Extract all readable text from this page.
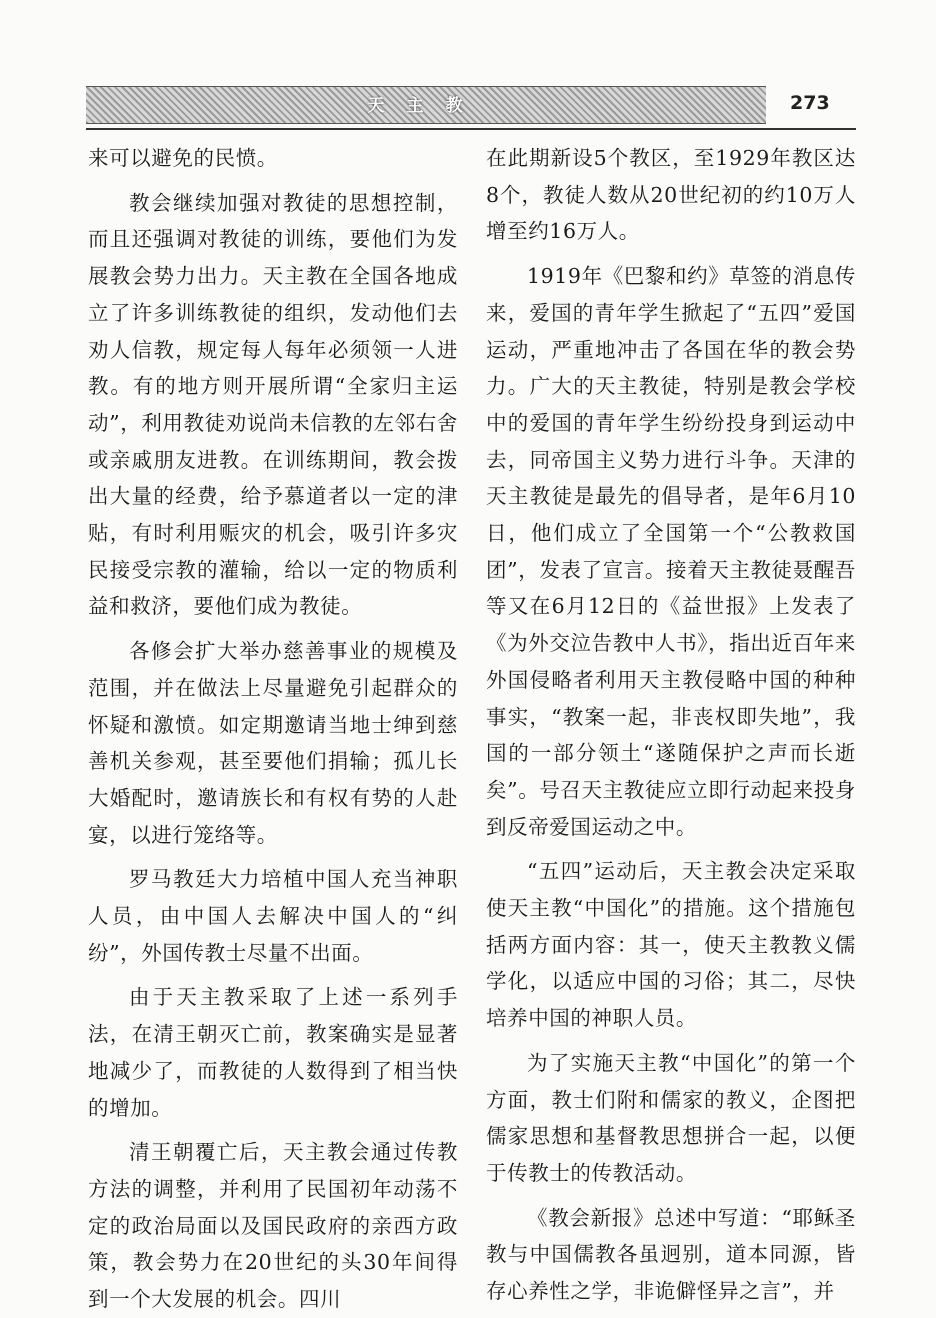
天主教	273

来可以避免的民愤。

教会继续加强对教徒的思想控制，而且还强调对教徒的训练，要他们为发展教会势力出力。天主教在全国各地成立了许多训练教徒的组织，发动他们去劝人信教，规定每人每年必须领一人进教。有的地方则开展所谓“全家归主运动”，利用教徒劝说尚未信教的左邻右舍或亲戚朋友进教。在训练期间，教会拨出大量的经费，给予慕道者以一定的津贴，有时利用赈灾的机会，吸引许多灾民接受宗教的灌输，给以一定的物质利益和救济，要他们成为教徒。

各修会扩大举办慈善事业的规模及范围，并在做法上尽量避免引起群众的怀疑和激愤。如定期邀请当地士绅到慈善机关参观，甚至要他们捐输；孤儿长大婚配时，邀请族长和有权有势的人赴宴，以进行笼络等。

罗马教廷大力培植中国人充当神职人员，由中国人去解决中国人的“纠纷”，外国传教士尽量不出面。

由于天主教采取了上述一系列手法，在清王朝灭亡前，教案确实是显著地减少了，而教徒的人数得到了相当快的增加。

清王朝覆亡后，天主教会通过传教方法的调整，并利用了民国初年动荡不定的政治局面以及国民政府的亲西方政策，教会势力在20世纪的头30年间得到一个大发展的机会。四川

在此期新设5个教区，至1929年教区达8个，教徒人数从20世纪初的约10万人增至约16万人。

1919年《巴黎和约》草签的消息传来，爱国的青年学生掀起了“五四”爱国运动，严重地冲击了各国在华的教会势力。广大的天主教徒，特别是教会学校中的爱国的青年学生纷纷投身到运动中去，同帝国主义势力进行斗争。天津的天主教徒是最先的倡导者，是年6月10日，他们成立了全国第一个“公教救国团”，发表了宣言。接着天主教徒聂醒吾等又在6月12日的《益世报》上发表了《为外交泣告教中人书》，指出近百年来外国侵略者利用天主教侵略中国的种种事实，“教案一起，非丧权即失地”，我国的一部分领土“遂随保护之声而长逝矣”。号召天主教徒应立即行动起来投身到反帝爱国运动之中。

“五四”运动后，天主教会决定采取使天主教“中国化”的措施。这个措施包括两方面内容：其一，使天主教教义儒学化，以适应中国的习俗；其二，尽快培养中国的神职人员。

为了实施天主教“中国化”的第一个方面，教士们附和儒家的教义，企图把儒家思想和基督教思想拼合一起，以便于传教士的传教活动。

《教会新报》总述中写道：“耶稣圣教与中国儒教各虽迥别，道本同源，皆存心养性之学，非诡僻怪异之言”，并
